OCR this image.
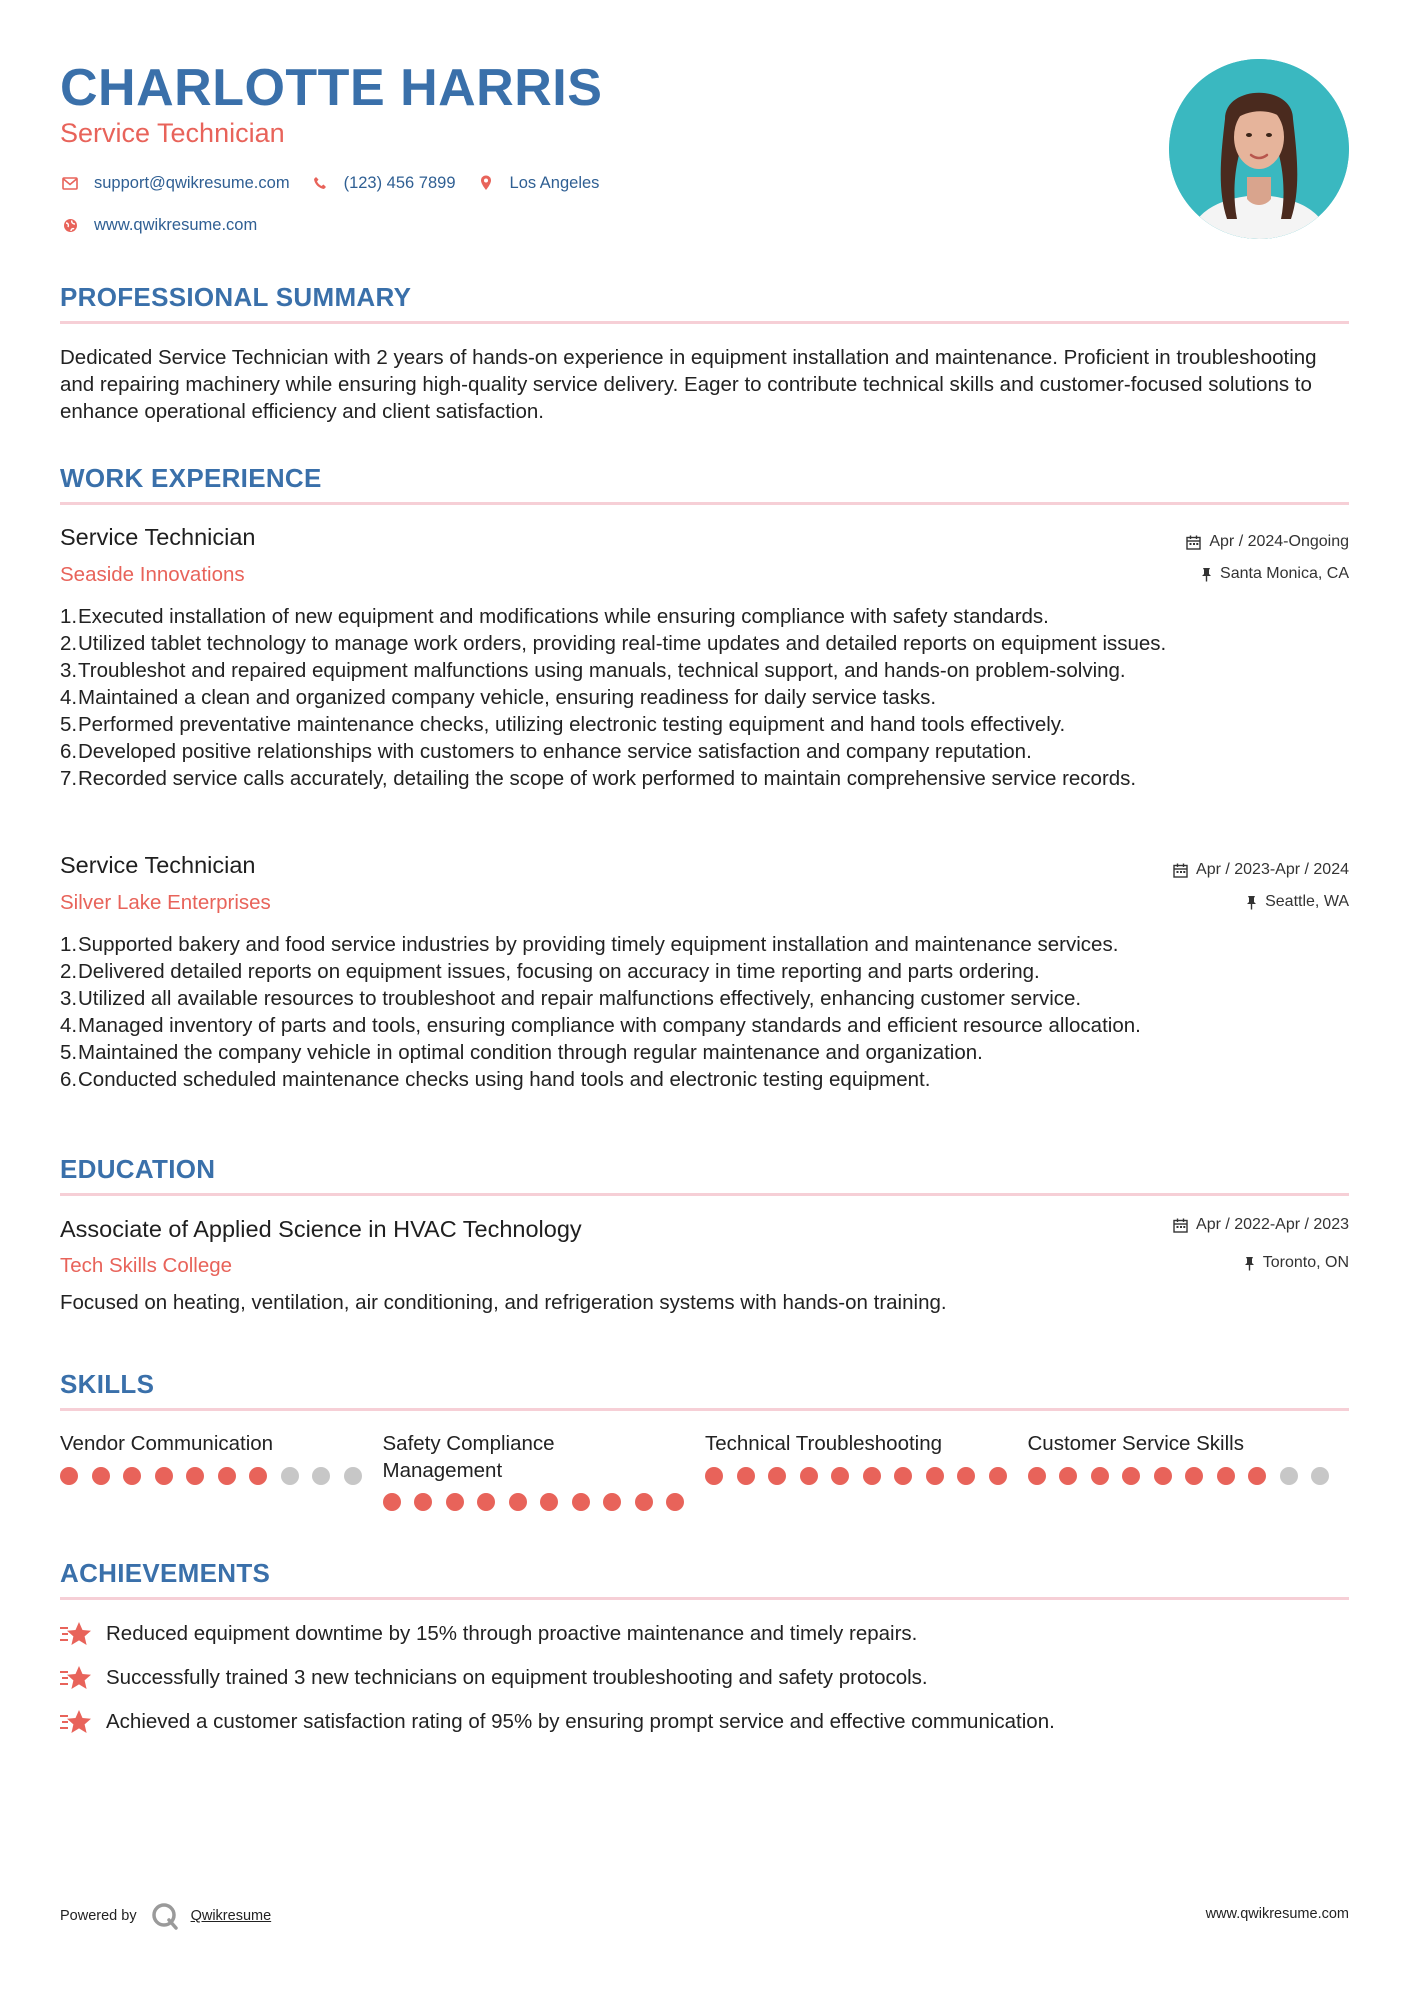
CHARLOTTE HARRIS
Service Technician
support@qwikresume.com	(123) 456 7899	Los Angeles
www.qwikresume.com
PROFESSIONAL SUMMARY
Dedicated Service Technician with 2 years of hands-on experience in equipment installation and maintenance. Proficient in troubleshooting and repairing machinery while ensuring high-quality service delivery. Eager to contribute technical skills and customer-focused solutions to enhance operational efficiency and client satisfaction.
WORK EXPERIENCE
Service Technician
Seaside Innovations
Apr / 2024-Ongoing
Santa Monica, CA
1. Executed installation of new equipment and modifications while ensuring compliance with safety standards.
2. Utilized tablet technology to manage work orders, providing real-time updates and detailed reports on equipment issues.
3. Troubleshot and repaired equipment malfunctions using manuals, technical support, and hands-on problem-solving.
4. Maintained a clean and organized company vehicle, ensuring readiness for daily service tasks.
5. Performed preventative maintenance checks, utilizing electronic testing equipment and hand tools effectively.
6. Developed positive relationships with customers to enhance service satisfaction and company reputation.
7. Recorded service calls accurately, detailing the scope of work performed to maintain comprehensive service records.
Service Technician
Silver Lake Enterprises
Apr / 2023-Apr / 2024
Seattle, WA
1. Supported bakery and food service industries by providing timely equipment installation and maintenance services.
2. Delivered detailed reports on equipment issues, focusing on accuracy in time reporting and parts ordering.
3. Utilized all available resources to troubleshoot and repair malfunctions effectively, enhancing customer service.
4. Managed inventory of parts and tools, ensuring compliance with company standards and efficient resource allocation.
5. Maintained the company vehicle in optimal condition through regular maintenance and organization.
6. Conducted scheduled maintenance checks using hand tools and electronic testing equipment.
EDUCATION
Associate of Applied Science in HVAC Technology
Tech Skills College
Apr / 2022-Apr / 2023
Toronto, ON
Focused on heating, ventilation, air conditioning, and refrigeration systems with hands-on training.
SKILLS
Vendor Communication	Safety Compliance Management
Technical Troubleshooting	Customer Service Skills
ACHIEVEMENTS
Reduced equipment downtime by 15% through proactive maintenance and timely repairs.
Successfully trained 3 new technicians on equipment troubleshooting and safety protocols.
Achieved a customer satisfaction rating of 95% by ensuring prompt service and effective communication.
Powered by	Qwikresume	www.qwikresume.com
